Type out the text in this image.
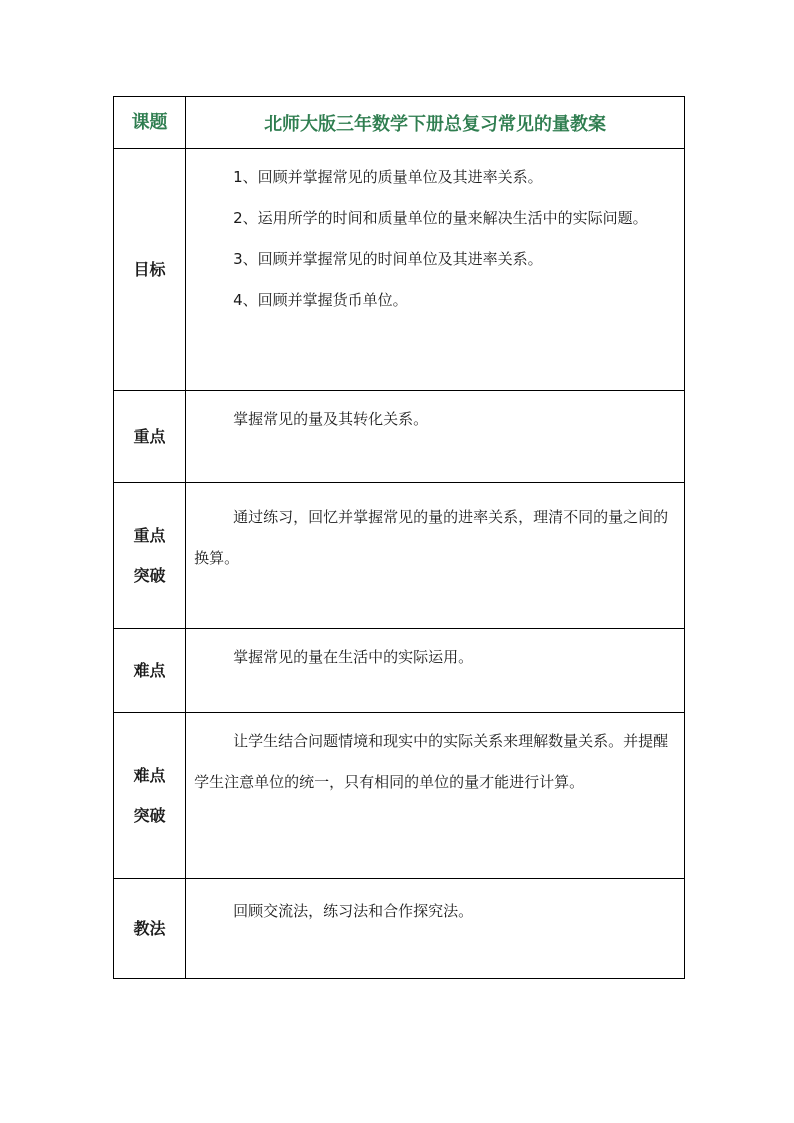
课题	北师大版三年数学下册总复习常见的量教案

目标	1、回顾并掌握常见的质量单位及其进率关系。

2、运用所学的时间和质量单位的量来解决生活中的实际问题。

3、回顾并掌握常见的时间单位及其进率关系。

4、回顾并掌握货币单位。

重点	掌握常见的量及其转化关系。

重点
突破	通过练习，回忆并掌握常见的量的进率关系，理清不同的量之间的换算。

难点	掌握常见的量在生活中的实际运用。

难点
突破	让学生结合问题情境和现实中的实际关系来理解数量关系。并提醒学生注意单位的统一，只有相同的单位的量才能进行计算。

教法	回顾交流法，练习法和合作探究法。
